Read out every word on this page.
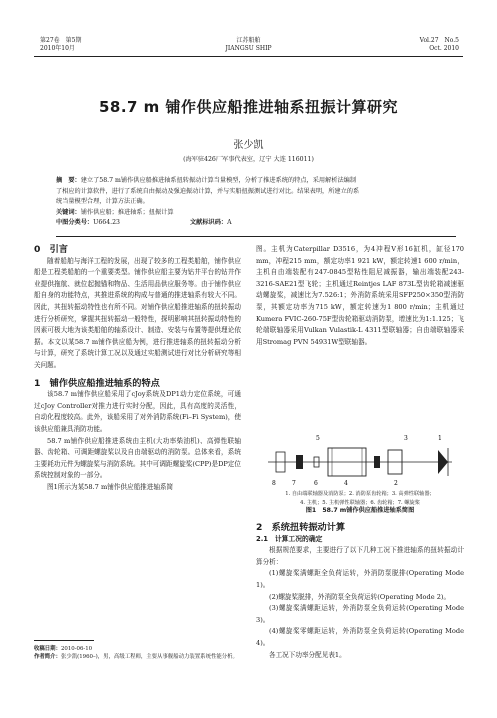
第27卷　第5期
2010年10月
江苏船舶
JIANGSU SHIP
Vol.27　No.5
Oct. 2010
58.7 m 铺作供应船推进轴系扭振计算研究
张少凯
(海军驻426厂军事代表室，辽宁 大连 116011)
摘　要：建立了58.7 m铺作供应船推进轴系扭转振动计算当量模型，分析了推进系统的特点，采用解析法编制
了相应的计算软件，进行了系统自由振动及强迫振动计算，并与实船扭振测试进行对比。结果表明，所建立的系
统当量模型合理，计算方法正确。
关键词：铺作供应船；推进轴系；扭振计算
中图分类号：U664.23	文献标识码：A

0　引言

随着船舶与海洋工程的发展，出现了较多的工程类船舶，铺作供应船是工程类船舶的一个重要类型。铺作供应船主要为钻井平台的钻井作业提供拖航、就位起抛锚和物品、生活用品供应服务等。由于铺作供应船自身的功能特点，其推进系统的构成与普通的推进轴系有较大不同。因此，其扭转振动特性也有所不同。对铺作供应船推进轴系的扭转振动进行分析研究，掌握其扭转振动一般特性，探明影响其扭转振动特性的因素可极大地为该类船舶的轴系设计、制造、安装与布置等提供理论依据。本文以某58.7 m铺作供应船为例，进行推进轴系的扭转振动分析与计算，研究了系统计算工况以及通过实船测试进行对比分析研究等相关问题。

1　铺作供应船推进轴系的特点

该58.7 m铺作供应船采用了cJoy系统及DP1动力定位系统，可通过cJoy Controller对推力进行实时分配，因此，具有高度的灵活性，自动化程度较高。此外，该船采用了对外消防系统(Fi–Fi System)，使该供应船兼具消防功能。

58.7 m铺作供应船推进系统由主机(大功率柴油机)、高弹性联轴器、齿轮箱、可调距螺旋桨以及自由端驱动的消防泵。总体来看，系统主要耗功元件为螺旋桨与消防系统。其中可调距螺旋桨(CPP)是DP定位系统控制对象的一部分。

图1所示为某58.7 m铺作供应船推进轴系简

收稿日期：2010-06-10
作者简介：张少凯(1960–)，男，高级工程师，主要从事舰船动力装置系统性能分析。

图。主机为Caterpillar D3516，为4冲程V形16缸机，缸径170 mm，冲程215 mm，额定功率1 921 kW，额定转速1 600 r/min，主机自由端装配有247-0845型粘性阻尼减振器，输出端装配243-3216-SAE21型飞轮；主机通过Reintjes LAF 873L型齿轮箱减速驱动螺旋桨，减速比为7.526:1；外消防系统采用SFP250×350型消防泵，其额定功率为715 kW，额定转速为1 800 r/min；主机通过Kumera FVIC-260-75F型齿轮箱驱动消防泵，增速比为1:1.125；飞轮端联轴器采用Vulkan Vulastik-L 4311型联轴器；自由端联轴器采用Stromag PVN 54931W型联轴器。

5	3	1
8	7	6	4	2
1. 自由端联轴器及消防泵；2. 消防泵齿轮箱；3. 高弹性联轴器；
4. 主机；5. 主机弹性联轴器；6. 齿轮箱；7. 螺旋桨
图1　58.7 m铺作供应船推进轴系简图

2　系统扭转振动计算

2.1　计算工况的确定

根据规范要求，主要进行了以下几种工况下推进轴系的扭转振动计算分析：

(1)螺旋桨满螺距全负荷运转，外消防泵脱排(Operating Mode 1)。

(2)螺旋桨脱排，外消防泵全负荷运转(Operating Mode 2)。

(3)螺旋桨满螺距运转，外消防泵全负荷运转(Operating Mode 3)。

(4)螺旋桨零螺距运转，外消防泵全负荷运转(Operating Mode 4)。

各工况下功率分配见表1。
